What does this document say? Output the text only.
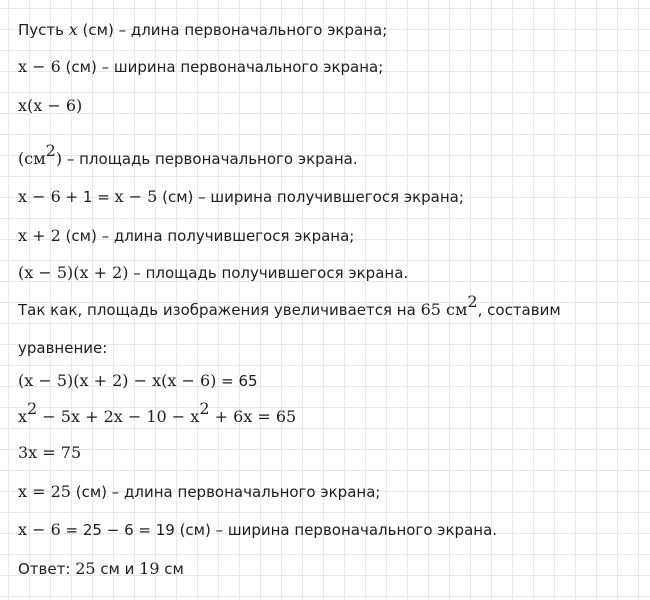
Пусть x (см) – длина первоначального экрана;
x − 6 (см) – ширина первоначального экрана;
x(x − 6)
$(см^2)$ – площадь первоначального экрана.
x − 6 + 1 = x − 5 (см) – ширина получившегося экрана;
x + 2 (см) – длина получившегося экрана;
(x − 5)(x + 2) – площадь получившегося экрана.
Так как, площадь изображения увеличивается на 65 $см^2$, составим
уравнение:
(x − 5)(x + 2) − x(x − 6) = 65
$x^2 - 5x + 2x - 10 - x^2 + 6x = 65$
3x = 75
x = 25 (см) – длина первоначального экрана;
x − 6 = 25 − 6 = 19 (см) – ширина первоначального экрана.
Ответ: 25 см и 19 см
